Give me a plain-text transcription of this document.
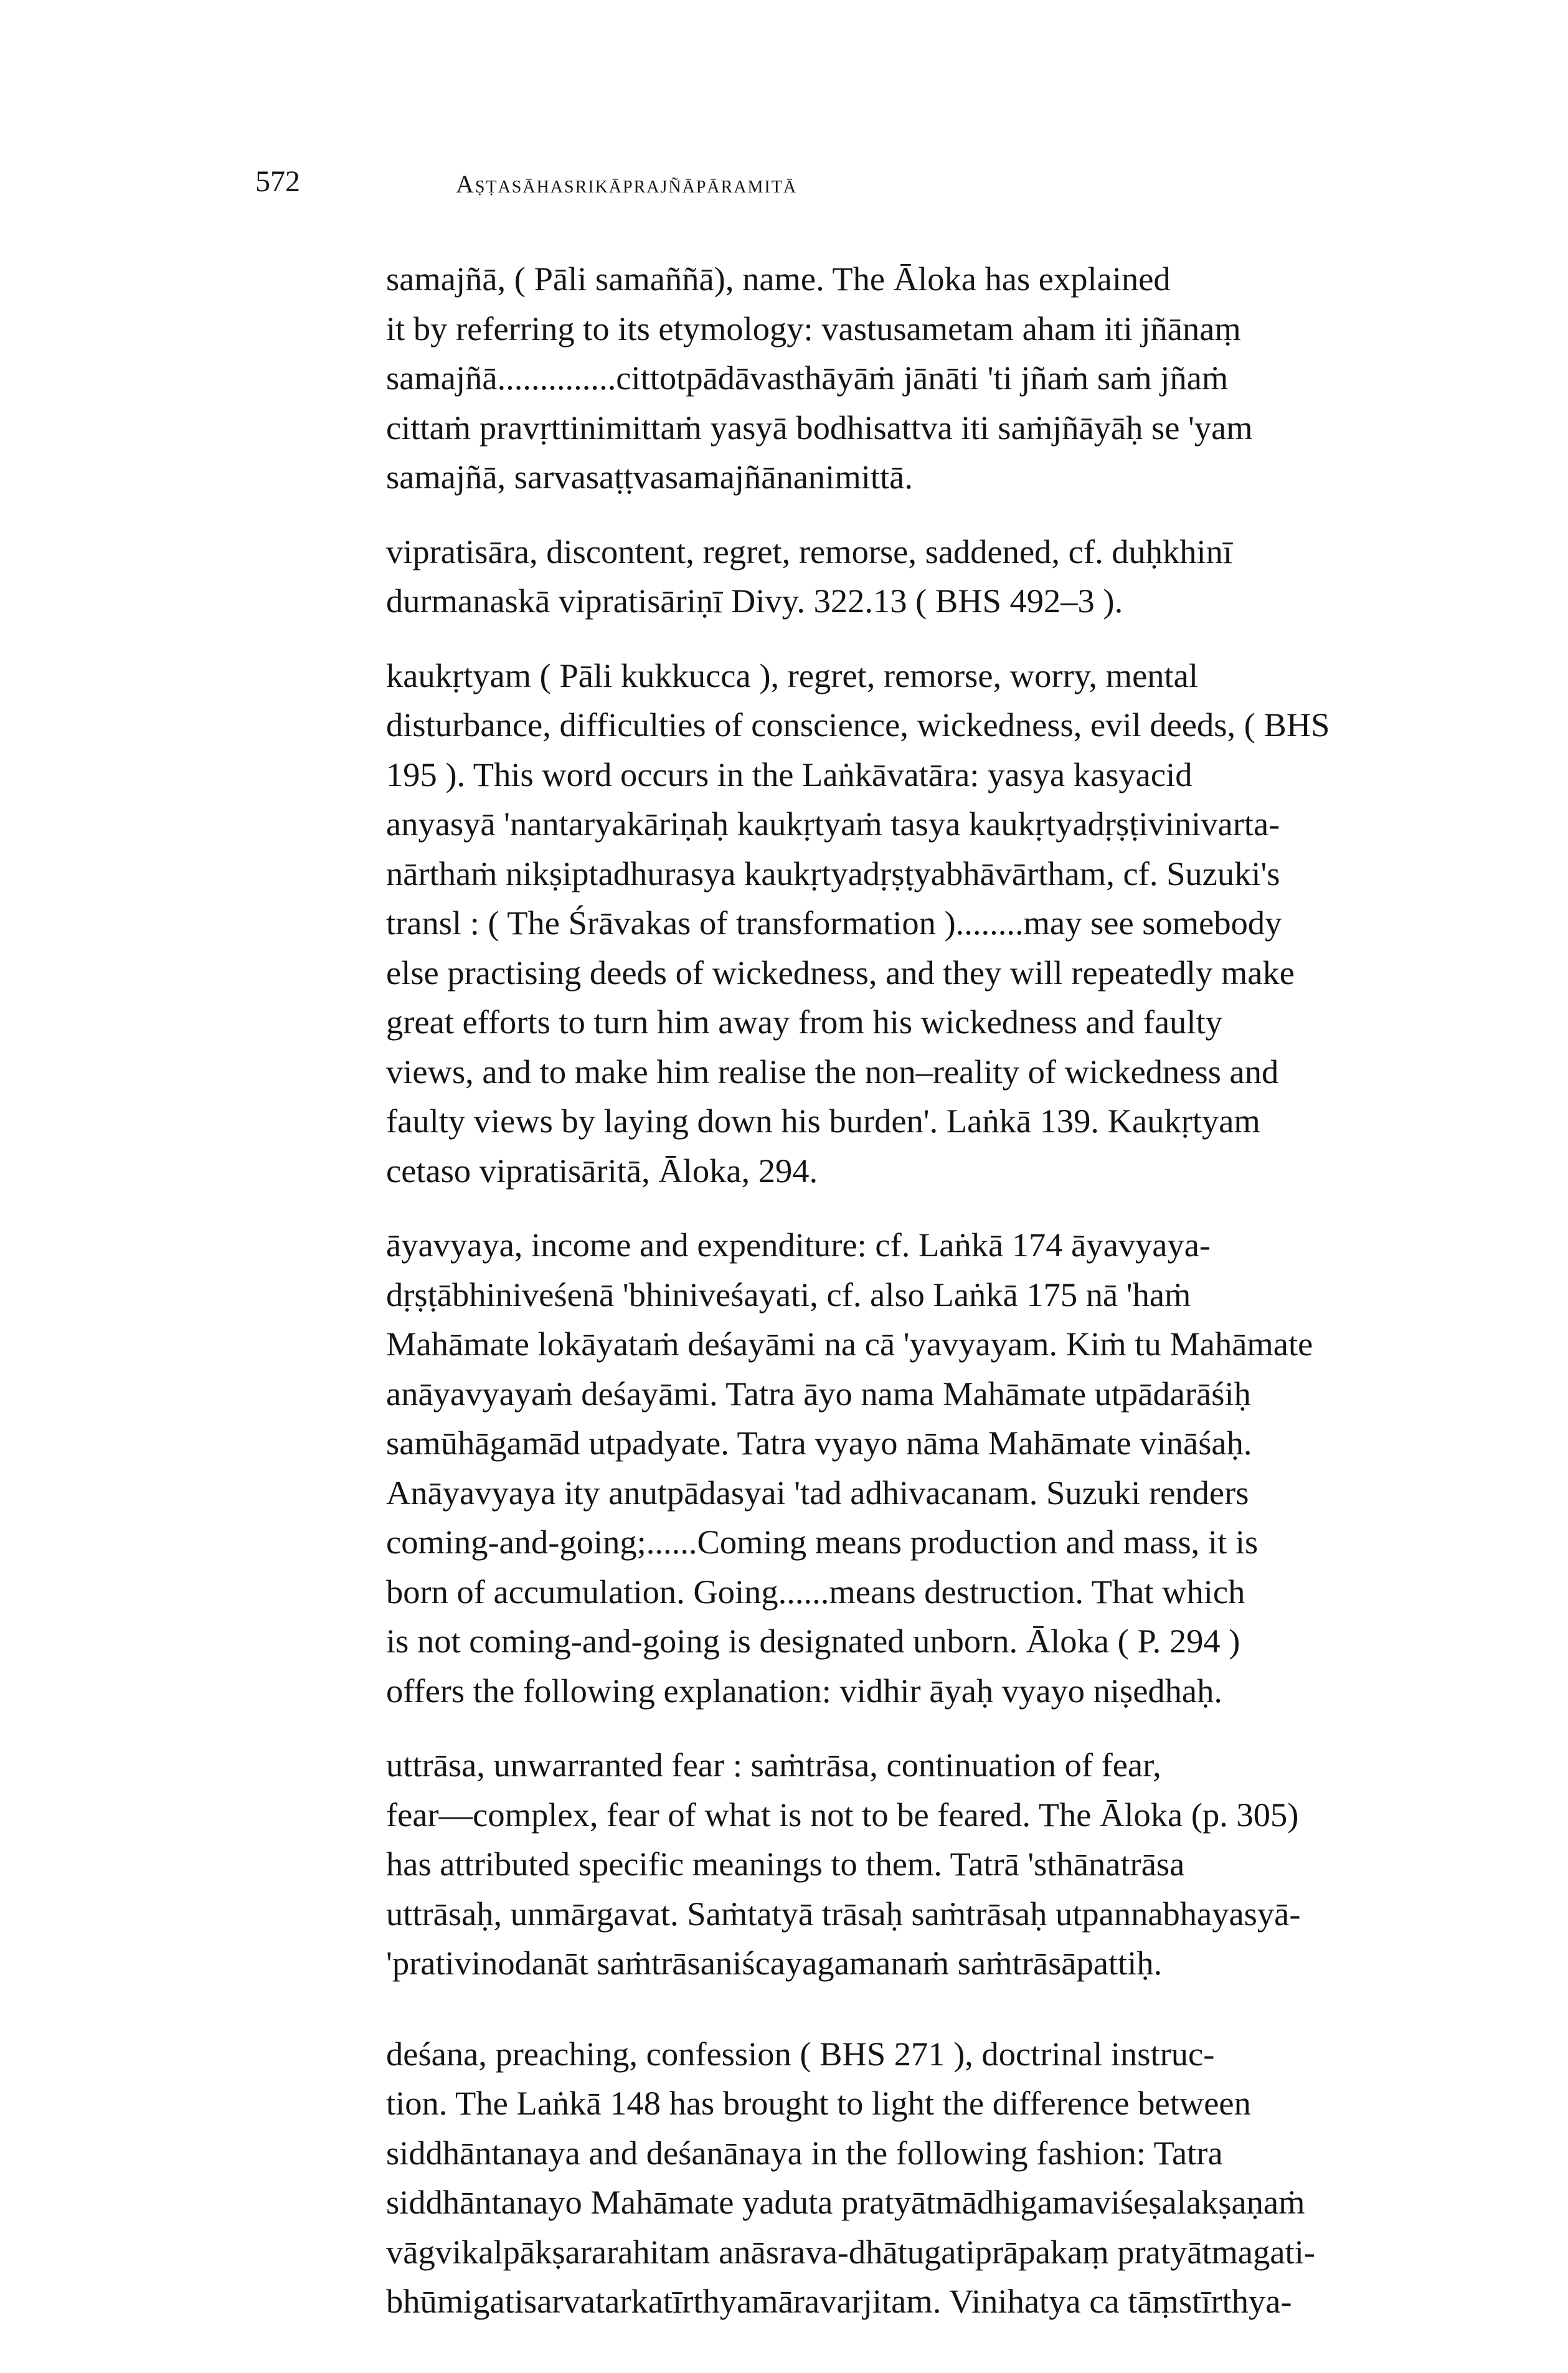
572	Aṣṭasāhasrikāprajñāpāramitā

samajñā, ( Pāli samaññā), name. The Āloka has explained
it by referring to its etymology: vastusametam aham iti jñānaṃ
samajñā..............cittotpādāvasthāyāṁ jānāti 'ti jñaṁ saṁ jñaṁ
cittaṁ pravṛttinimittaṁ yasyā bodhisattva iti saṁjñāyāḥ se 'yam
samajñā, sarvasaṭṭvasamajñānanimittā.

vipratisāra, discontent, regret, remorse, saddened, cf. duḥkhinī
durmanaskā vipratisāriṇī Divy. 322.13 ( BHS 492–3 ).

kaukṛtyam ( Pāli kukkucca ), regret, remorse, worry, mental
disturbance, difficulties of conscience, wickedness, evil deeds, ( BHS
195 ). This word occurs in the Laṅkāvatāra: yasya kasyacid
anyasyā 'nantaryakāriṇaḥ kaukṛtyaṁ tasya kaukṛtyadṛṣṭivinivarta-
nārthaṁ nikṣiptadhurasya kaukṛtyadṛṣṭyabhāvārtham, cf. Suzuki's
transl : ( The Śrāvakas of transformation )........may see somebody
else practising deeds of wickedness, and they will repeatedly make
great efforts to turn him away from his wickedness and faulty
views, and to make him realise the non–reality of wickedness and
faulty views by laying down his burden'. Laṅkā 139. Kaukṛtyam
cetaso vipratisāritā, Āloka, 294.

āyavyaya, income and expenditure: cf. Laṅkā 174 āyavyaya-
dṛṣṭābhiniveśenā 'bhiniveśayati, cf. also Laṅkā 175 nā 'haṁ
Mahāmate lokāyataṁ deśayāmi na cā 'yavyayam. Kiṁ tu Mahāmate
anāyavyayaṁ deśayāmi. Tatra āyo nama Mahāmate utpādarāśiḥ
samūhāgamād utpadyate. Tatra vyayo nāma Mahāmate vināśaḥ.
Anāyavyaya ity anutpādasyai 'tad adhivacanam. Suzuki renders
coming-and-going;......Coming means production and mass, it is
born of accumulation. Going......means destruction. That which
is not coming-and-going is designated unborn. Āloka ( P. 294 )
offers the following explanation: vidhir āyaḥ vyayo niṣedhaḥ.

uttrāsa, unwarranted fear : saṁtrāsa, continuation of fear,
fear—complex, fear of what is not to be feared. The Āloka (p. 305)
has attributed specific meanings to them. Tatrā 'sthānatrāsa
uttrāsaḥ, unmārgavat. Saṁtatyā trāsaḥ saṁtrāsaḥ utpannabhayasyā-
'prativinodanāt saṁtrāsaniścayagamanaṁ saṁtrāsāpattiḥ.

deśana, preaching, confession ( BHS 271 ), doctrinal instruc-
tion. The Laṅkā 148 has brought to light the difference between
siddhāntanaya and deśanānaya in the following fashion: Tatra
siddhāntanayo Mahāmate yaduta pratyātmādhigamaviśeṣalakṣaṇaṁ
vāgvikalpākṣararahitam anāsrava-dhātugatiprāpakaṃ pratyātmagati-
bhūmigatisarvatarkatīrthyamāravarjitam. Vinihatya ca tāṃstīrthya-
